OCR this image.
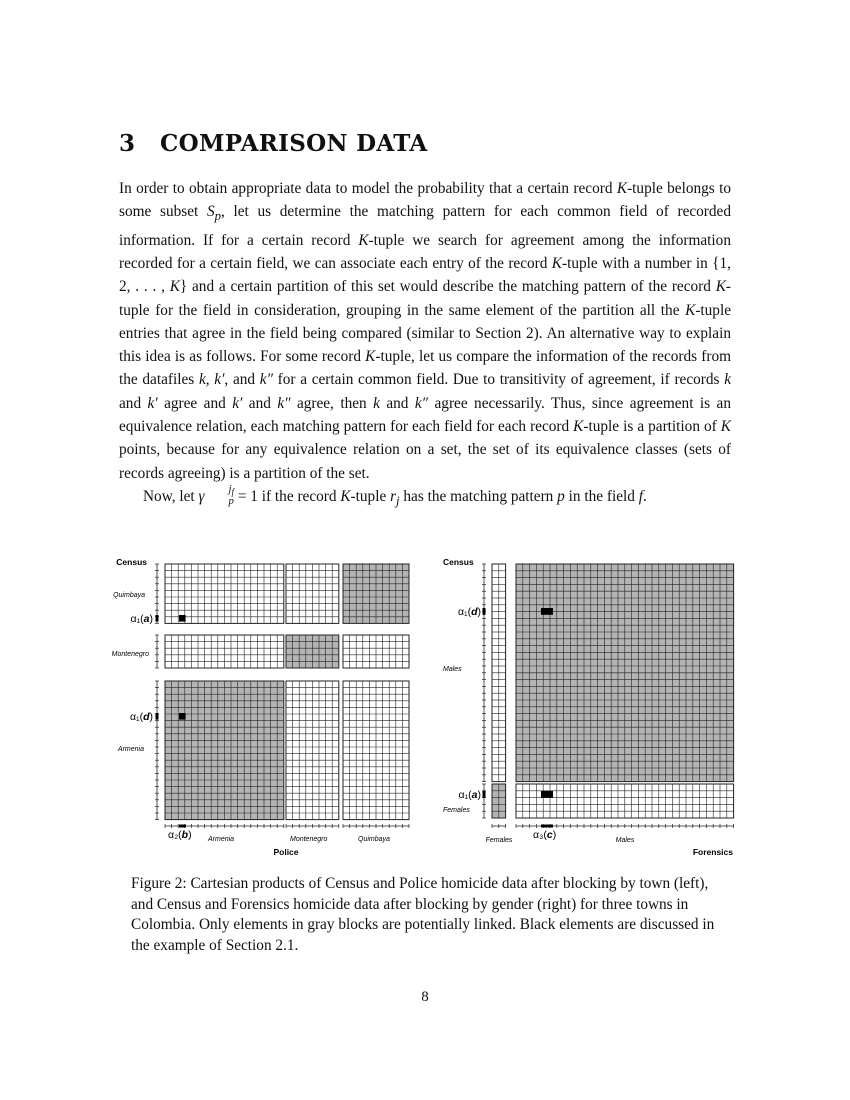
3 COMPARISON DATA

In order to obtain appropriate data to model the probability that a certain record K-tuple belongs to some subset $S_p$, let us determine the matching pattern for each common field of recorded information. If for a certain record K-tuple we search for agreement among the information recorded for a certain field, we can associate each entry of the record K-tuple with a number in {1, 2, . . . , K} and a certain partition of this set would describe the matching pattern of the record K-tuple for the field in consideration, grouping in the same element of the partition all the K-tuple entries that agree in the field being compared (similar to Section 2). An alternative way to explain this idea is as follows. For some record K-tuple, let us compare the information of the records from the datafiles k, k′, and k″ for a certain common field. Due to transitivity of agreement, if records k and k′ agree and k′ and k″ agree, then k and k″ agree necessarily. Thus, since agreement is an equivalence relation, each matching pattern for each field for each record K-tuple is a partition of K points, because for any equivalence relation on a set, the set of its equivalence classes (sets of records agreeing) is a partition of the set.

Now, let γ	$j_f$
p = 1 if the record K-tuple $r_j$ has the matching pattern p in the field f.

Census
Quimbaya
Montenegro
Armenia
α₁(a)
α₁(d)
α₂(b) Armenia	Montenegro	Quimbaya
Police
Census
α₁(d)
Males
α₁(a)
Females
Females α₃(c)	Males
Forensics
Figure 2: Cartesian products of Census and Police homicide data after blocking by town (left), and Census and Forensics homicide data after blocking by gender (right) for three towns in Colombia. Only elements in gray blocks are potentially linked. Black elements are discussed in the example of Section 2.1.
8
